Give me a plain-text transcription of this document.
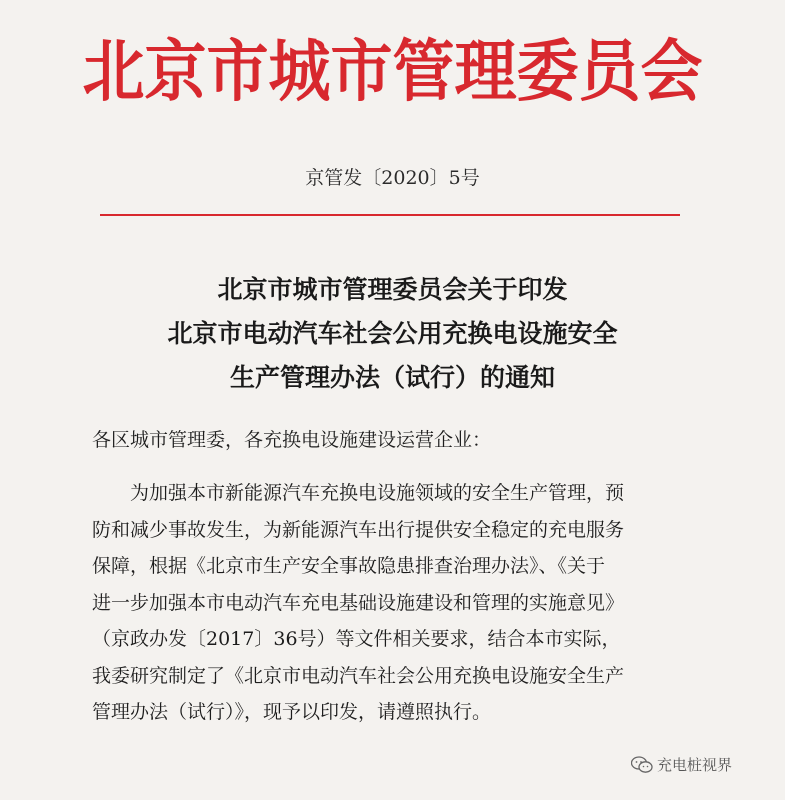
北京市城市管理委员会
京管发〔2020〕5号
北京市城市管理委员会关于印发
北京市电动汽车社会公用充换电设施安全
生产管理办法（试行）的通知
各区城市管理委，各充换电设施建设运营企业：
　　为加强本市新能源汽车充换电设施领域的安全生产管理，预
防和减少事故发生，为新能源汽车出行提供安全稳定的充电服务
保障，根据《北京市生产安全事故隐患排查治理办法》、《关于
进一步加强本市电动汽车充电基础设施建设和管理的实施意见》
（京政办发〔2017〕36号）等文件相关要求，结合本市实际，
我委研究制定了《北京市电动汽车社会公用充换电设施安全生产
管理办法（试行）》，现予以印发，请遵照执行。
充电桩视界
